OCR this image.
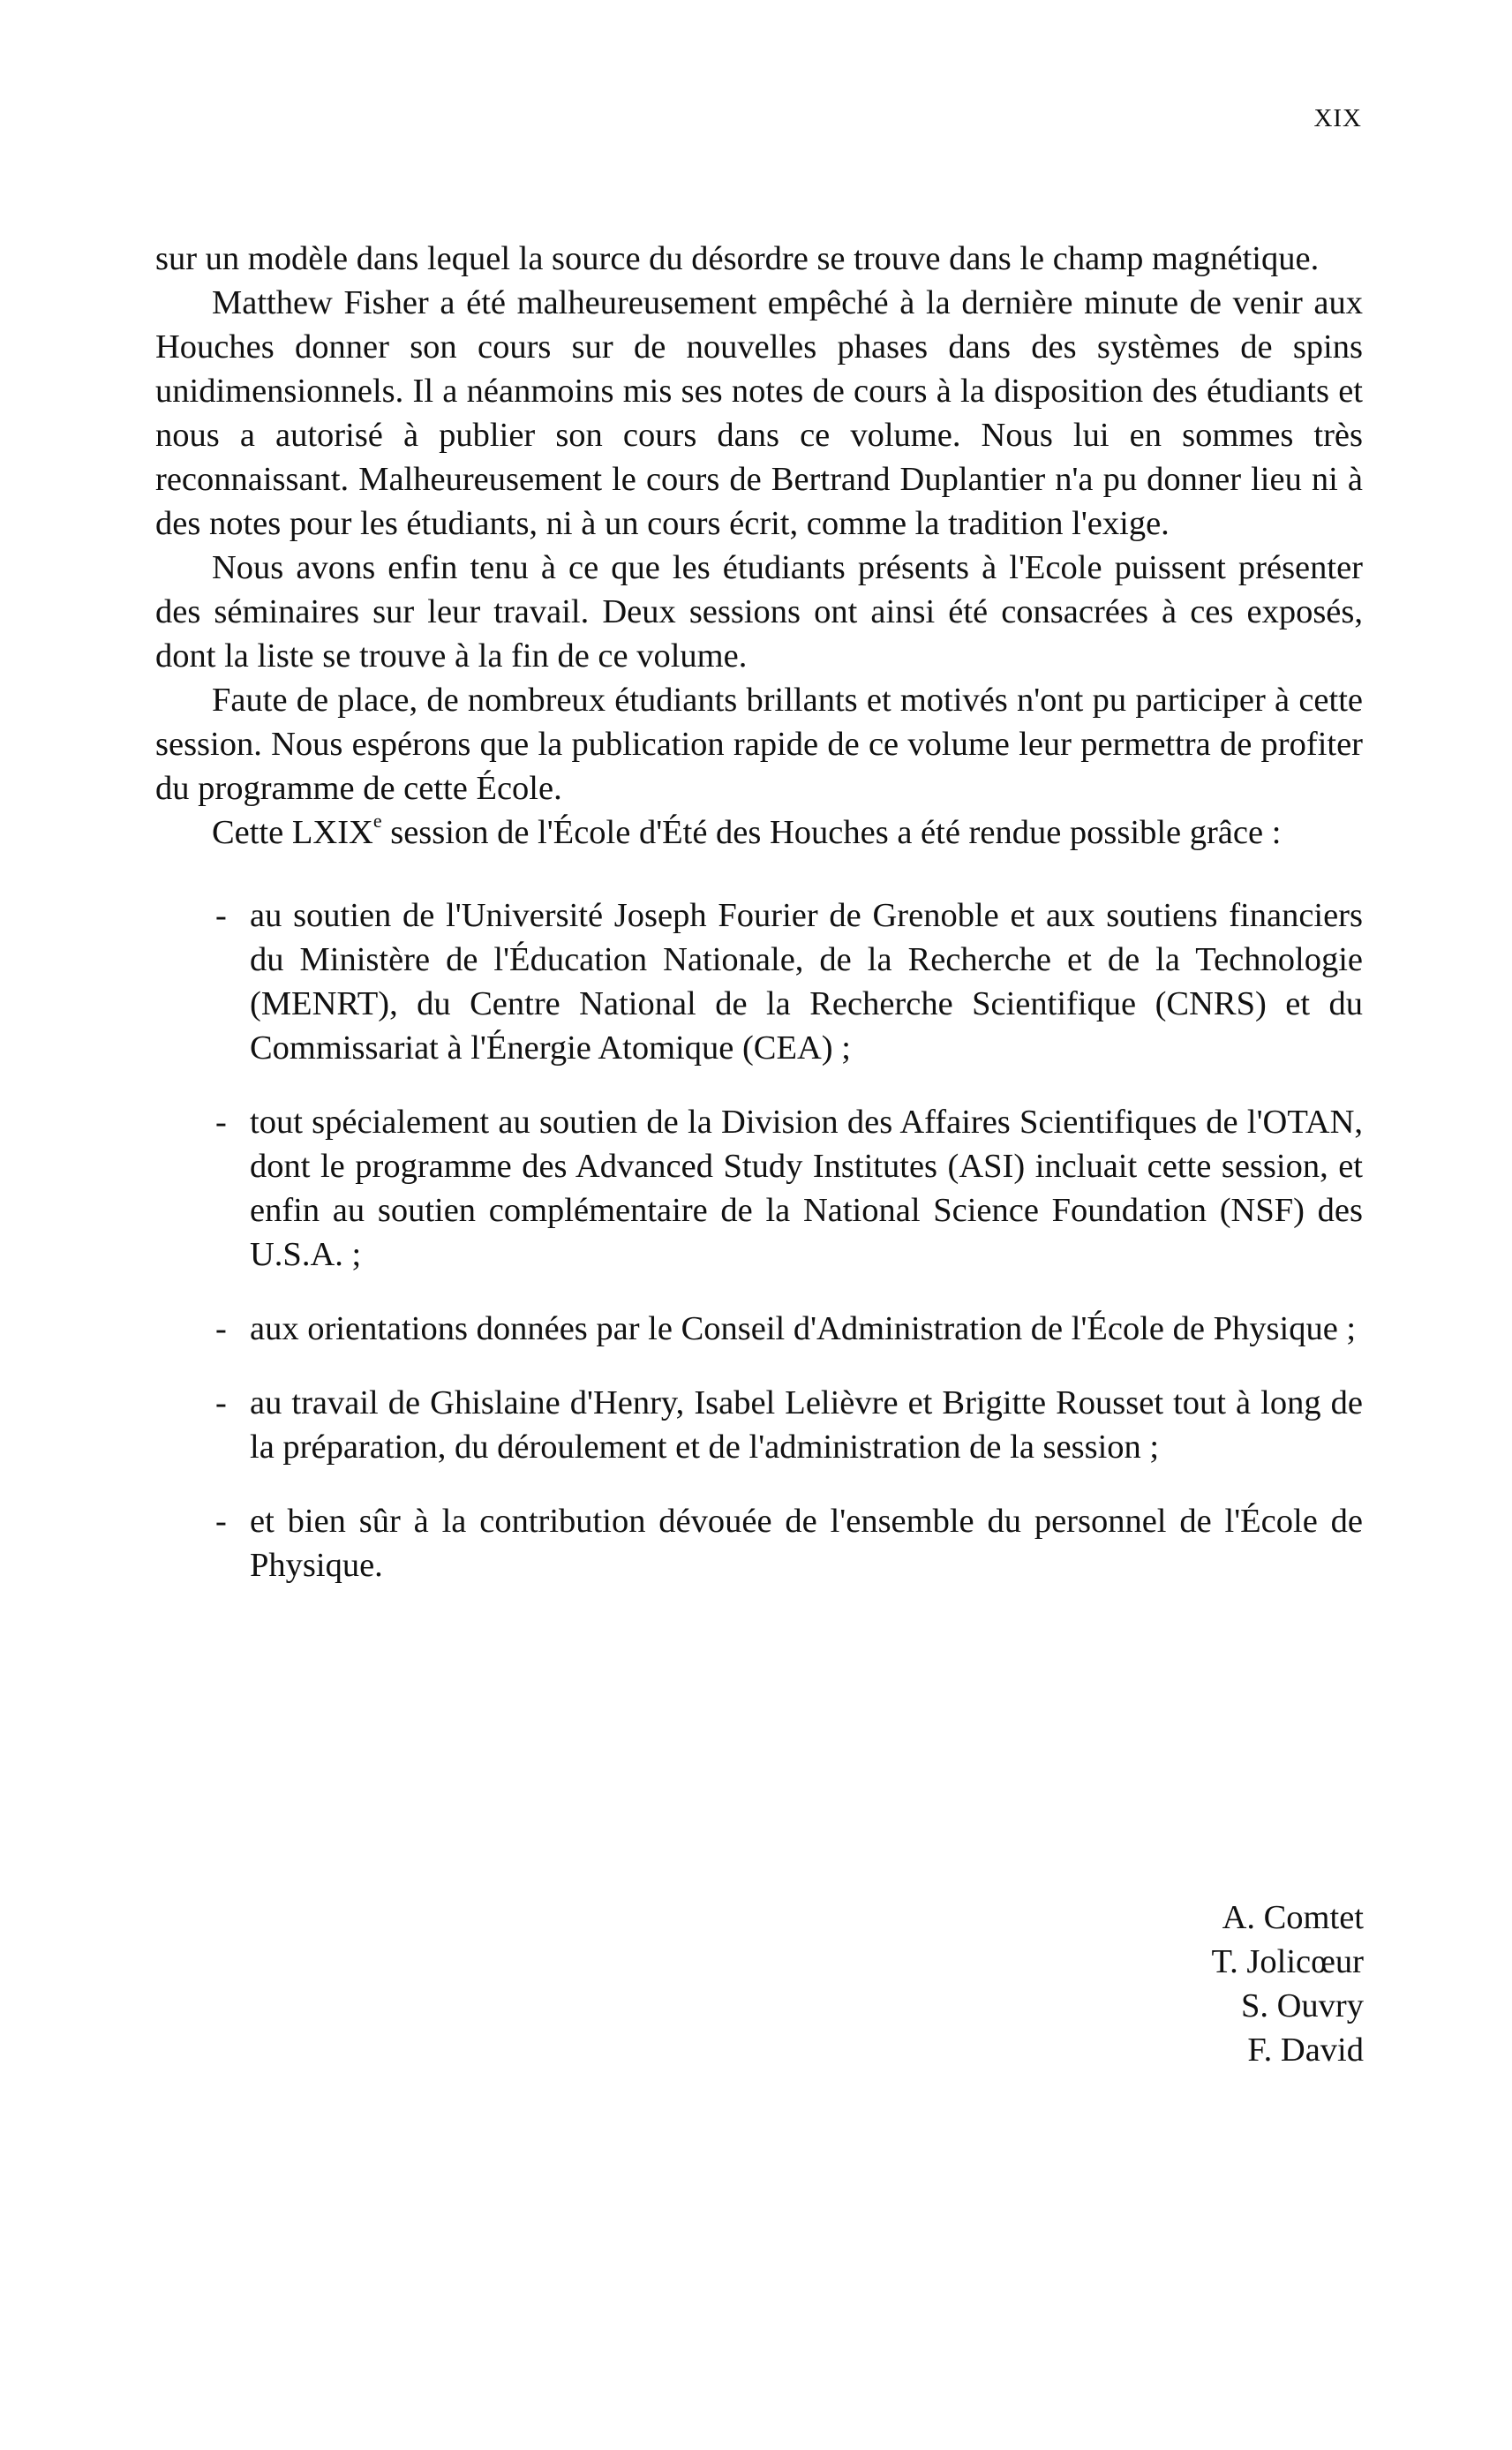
XIX

sur un modèle dans lequel la source du désordre se trouve dans le champ magnétique.

Matthew Fisher a été malheureusement empêché à la dernière minute de venir aux Houches donner son cours sur de nouvelles phases dans des systèmes de spins unidimensionnels. Il a néanmoins mis ses notes de cours à la disposition des étudiants et nous a autorisé à publier son cours dans ce volume. Nous lui en sommes très reconnaissant. Malheureusement le cours de Bertrand Duplantier n'a pu donner lieu ni à des notes pour les étudiants, ni à un cours écrit, comme la tradition l'exige.

Nous avons enfin tenu à ce que les étudiants présents à l'Ecole puissent présenter des séminaires sur leur travail. Deux sessions ont ainsi été consacrées à ces exposés, dont la liste se trouve à la fin de ce volume.

Faute de place, de nombreux étudiants brillants et motivés n'ont pu participer à cette session. Nous espérons que la publication rapide de ce volume leur permettra de profiter du programme de cette École.

Cette LXIXe session de l'École d'Été des Houches a été rendue possible grâce :

- au soutien de l'Université Joseph Fourier de Grenoble et aux soutiens financiers du Ministère de l'Éducation Nationale, de la Recherche et de la Technologie (MENRT), du Centre National de la Recherche Scientifique (CNRS) et du Commissariat à l'Énergie Atomique (CEA) ;
- tout spécialement au soutien de la Division des Affaires Scientifiques de l'OTAN, dont le programme des Advanced Study Institutes (ASI) incluait cette session, et enfin au soutien complémentaire de la National Science Foundation (NSF) des U.S.A. ;
- aux orientations données par le Conseil d'Administration de l'École de Physique ;
- au travail de Ghislaine d'Henry, Isabel Lelièvre et Brigitte Rousset tout à long de la préparation, du déroulement et de l'administration de la session ;
- et bien sûr à la contribution dévouée de l'ensemble du personnel de l'École de Physique.
A. Comtet
T. Jolicœur
S. Ouvry
F. David
